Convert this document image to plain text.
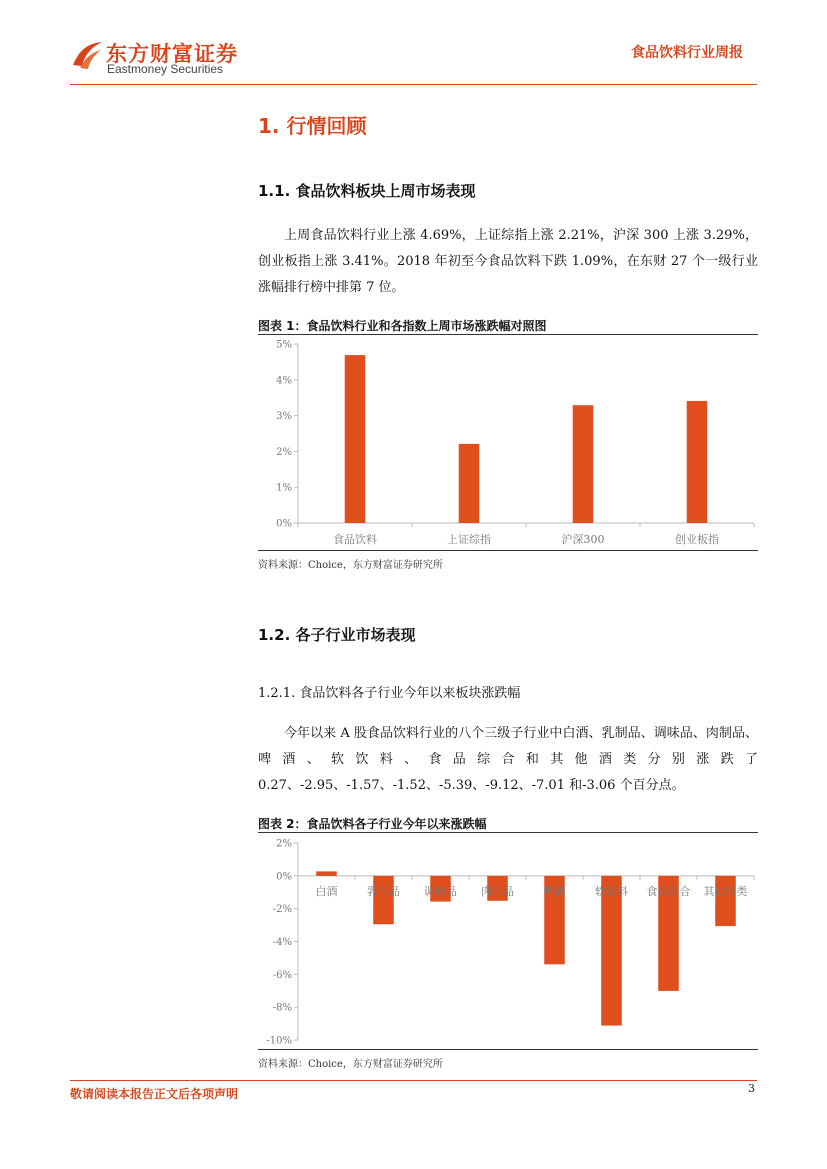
东方财富证券
Eastmoney Securities
食品饮料行业周报
1. 行情回顾
1.1. 食品饮料板块上周市场表现
上周食品饮料行业上涨 4.69%，上证综指上涨 2.21%，沪深 300 上涨 3.29%，创业板指上涨 3.41%。2018 年初至今食品饮料下跌 1.09%，在东财 27 个一级行业涨幅排行榜中排第 7 位。
图表 1：食品饮料行业和各指数上周市场涨跌幅对照图
0%
1%
2%
3%
4%
5%
食品饮料	上证综指	沪深300	创业板指
资料来源：Choice，东方财富证券研究所
1.2. 各子行业市场表现
1.2.1. 食品饮料各子行业今年以来板块涨跌幅
今年以来 A 股食品饮料行业的八个三级子行业中白酒、乳制品、调味品、肉制品、啤酒、软饮料、食品综合和其他酒类分别涨跌了 0.27、-2.95、-1.57、-1.52、-5.39、-9.12、-7.01 和-3.06 个百分点。
图表 2：食品饮料各子行业今年以来涨跌幅
-10%
-8%
-6%
-4%
-2%
0%
2%
白酒	乳制品 调味品 肉制品	啤酒	软饮料 食品综合 其他酒类
资料来源：Choice，东方财富证券研究所
敬请阅读本报告正文后各项声明	3
